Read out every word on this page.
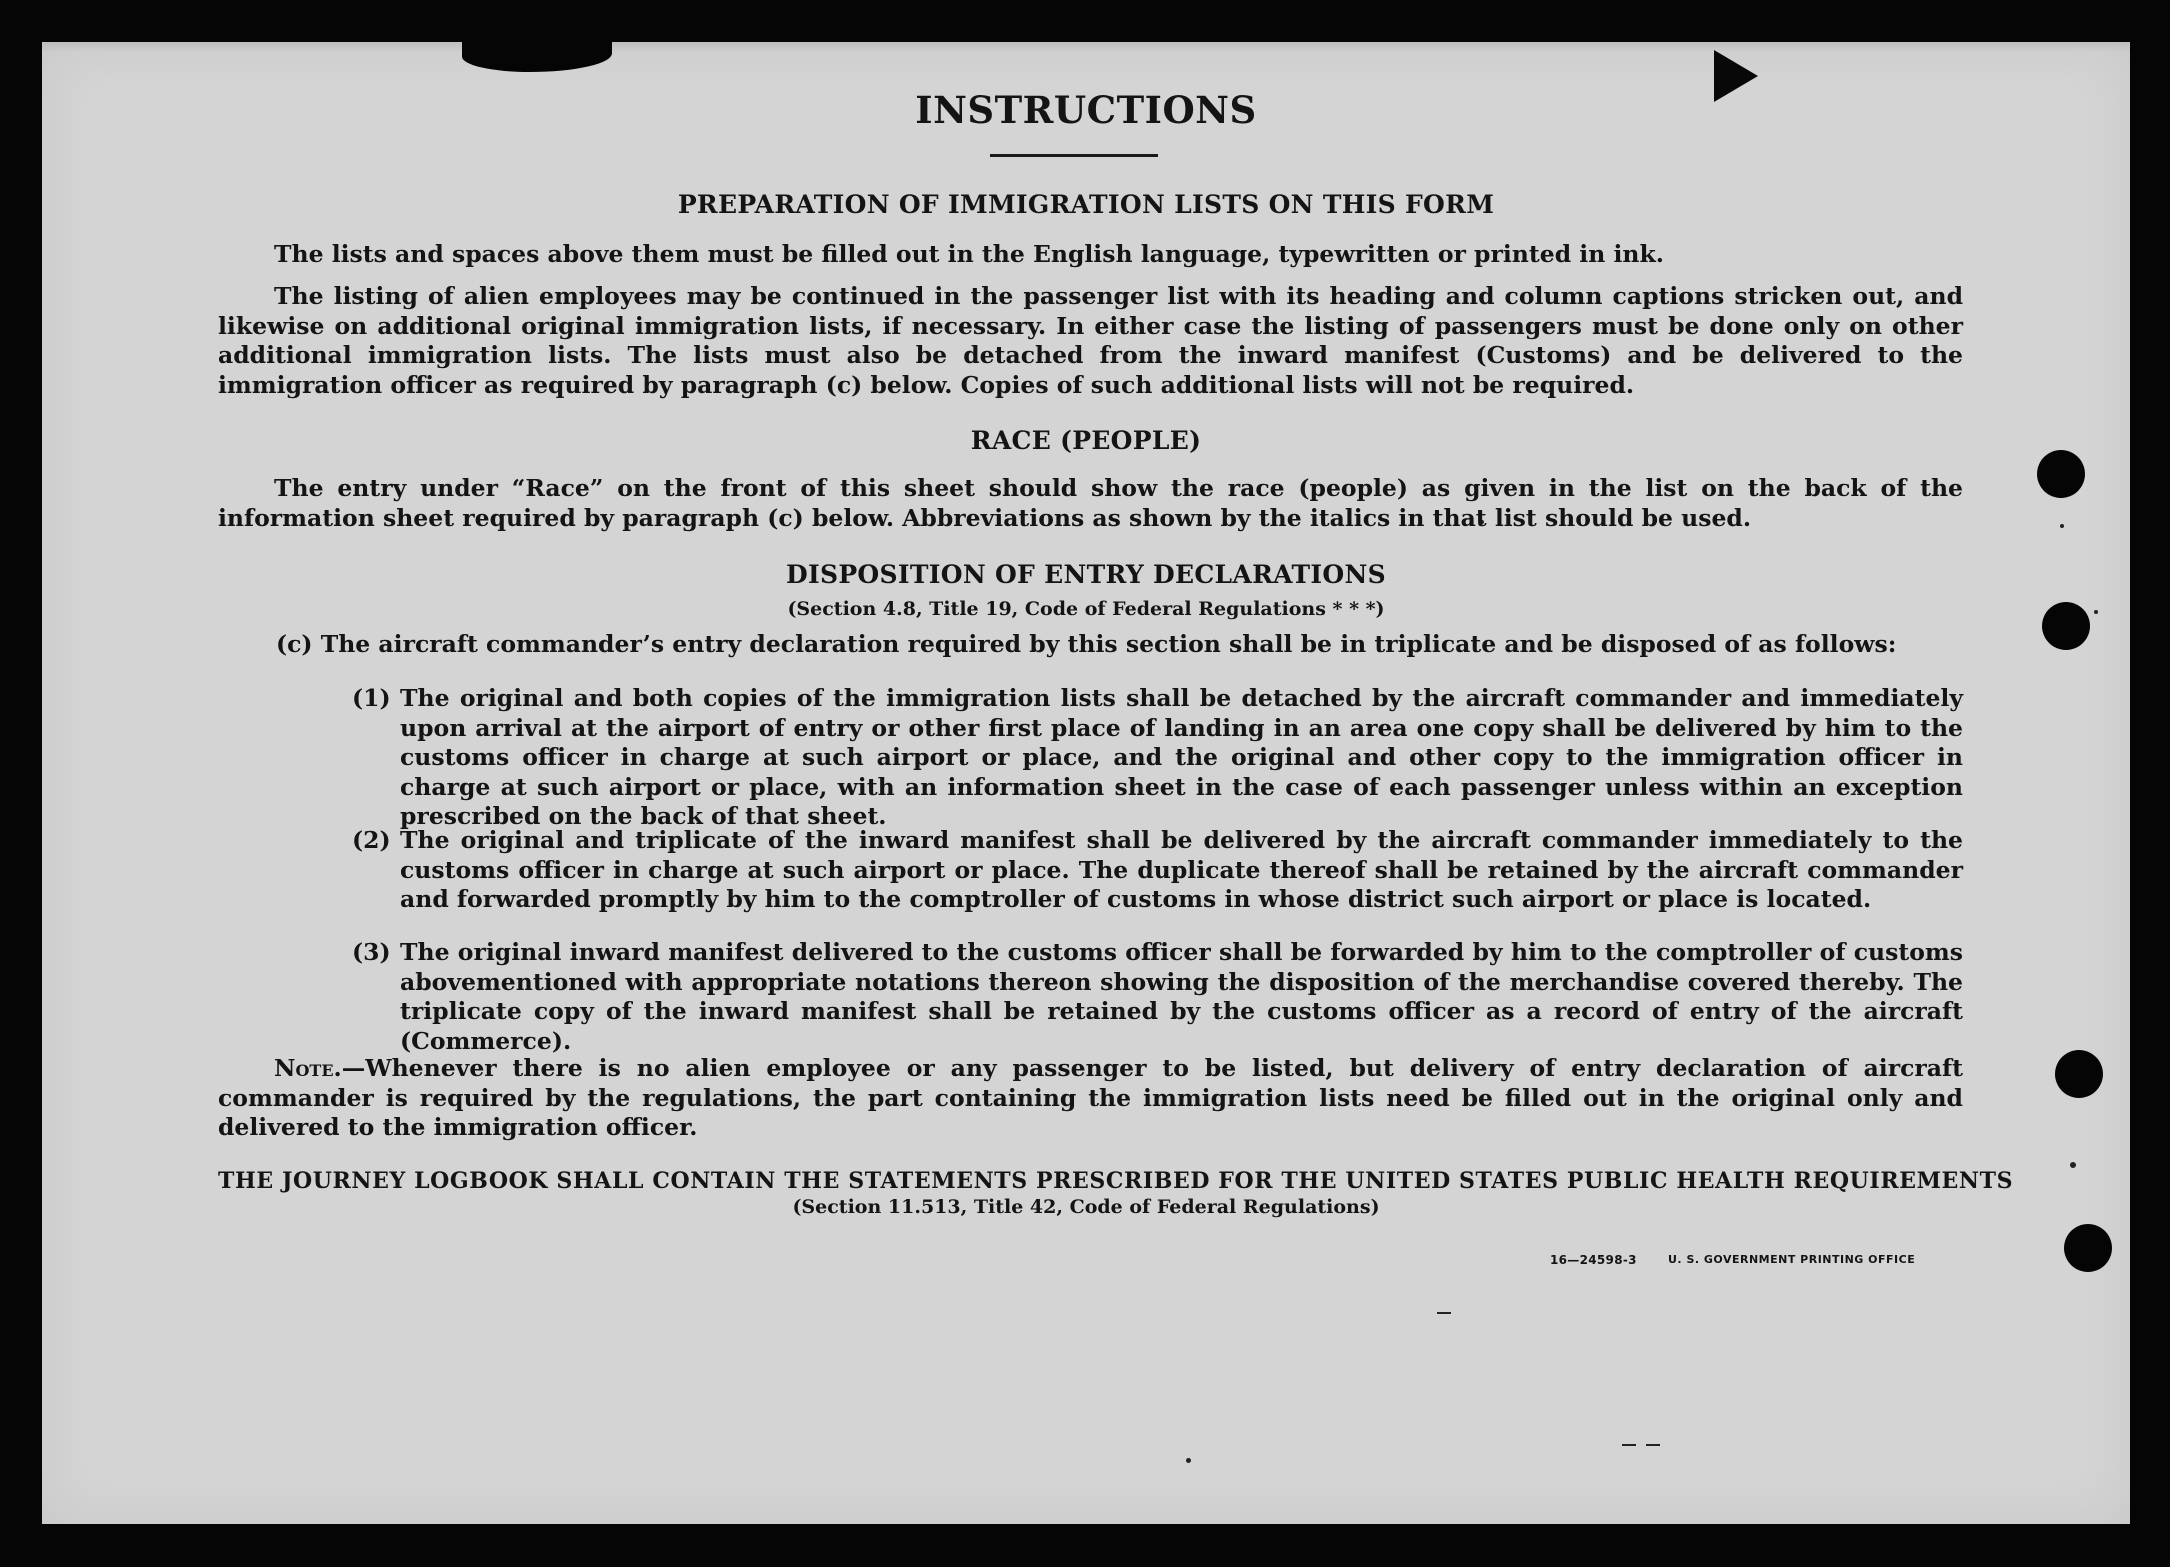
INSTRUCTIONS
PREPARATION OF IMMIGRATION LISTS ON THIS FORM

The lists and spaces above them must be filled out in the English language, typewritten or printed in ink.

The listing of alien employees may be continued in the passenger list with its heading and column captions stricken out, and likewise on additional original immigration lists, if necessary. In either case the listing of passengers must be done only on other additional immigration lists. The lists must also be detached from the inward manifest (Customs) and be delivered to the immigration officer as required by paragraph (c) below. Copies of such additional lists will not be required.

RACE (PEOPLE)

The entry under “Race” on the front of this sheet should show the race (people) as given in the list on the back of the information sheet required by paragraph (c) below. Abbreviations as shown by the italics in that list should be used.

DISPOSITION OF ENTRY DECLARATIONS
(Section 4.8, Title 19, Code of Federal Regulations * * *)

(c) The aircraft commander’s entry declaration required by this section shall be in triplicate and be disposed of as follows:

(1) The original and both copies of the immigration lists shall be detached by the aircraft commander and immediately upon arrival at the airport of entry or other first place of landing in an area one copy shall be delivered by him to the customs officer in charge at such airport or place, and the original and other copy to the immigration officer in charge at such airport or place, with an information sheet in the case of each passenger unless within an exception prescribed on the back of that sheet.
(2) The original and triplicate of the inward manifest shall be delivered by the aircraft commander immediately to the customs officer in charge at such airport or place. The duplicate thereof shall be retained by the aircraft commander and forwarded promptly by him to the comptroller of customs in whose district such airport or place is located.
(3) The original inward manifest delivered to the customs officer shall be forwarded by him to the comptroller of customs abovementioned with appropriate notations thereon showing the disposition of the merchandise covered thereby. The triplicate copy of the inward manifest shall be retained by the customs officer as a record of entry of the aircraft (Commerce).

Note.—Whenever there is no alien employee or any passenger to be listed, but delivery of entry declaration of aircraft commander is required by the regulations, the part containing the immigration lists need be filled out in the original only and delivered to the immigration officer.

THE JOURNEY LOGBOOK SHALL CONTAIN THE STATEMENTS PRESCRIBED FOR THE UNITED STATES PUBLIC HEALTH REQUIREMENTS
(Section 11.513, Title 42, Code of Federal Regulations)
16—24598-3	U. S. GOVERNMENT PRINTING OFFICE
